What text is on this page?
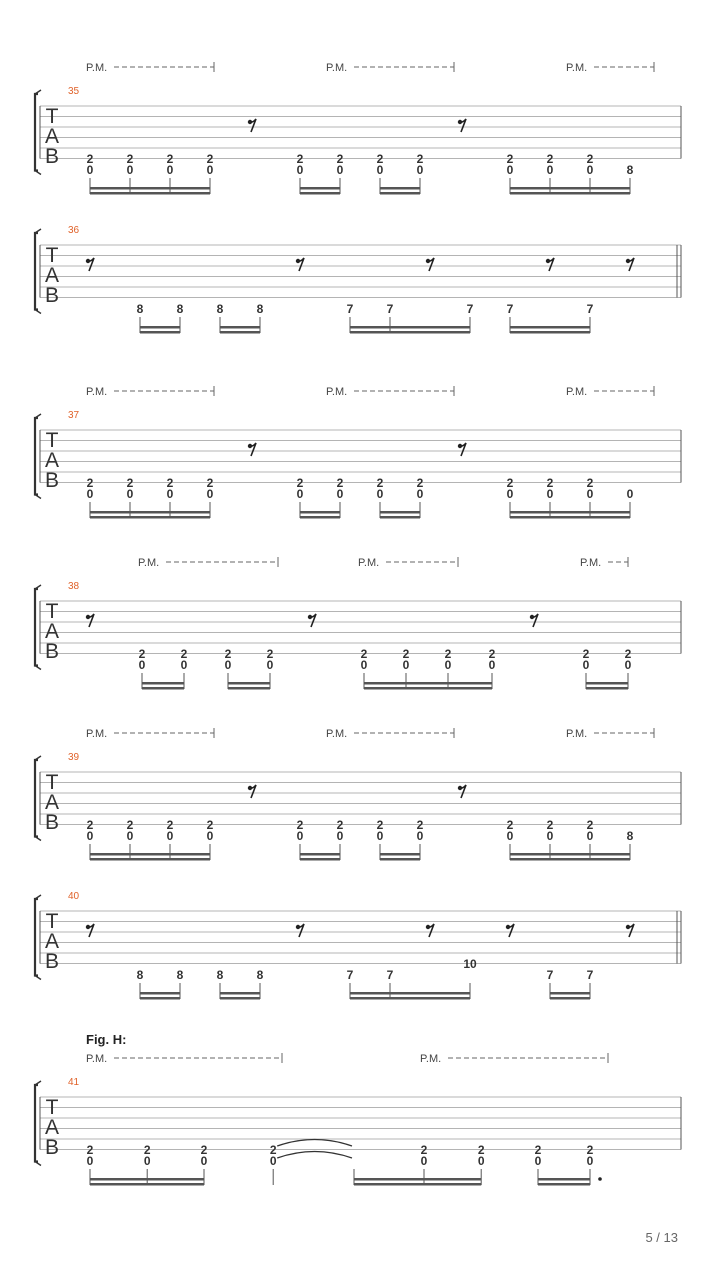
T
A
B
35
P.M.	P.M.	P.M.
2
0
2
0
2
0
2
0
2
0
2
0
2
0
2
0
2
0
2
0
2
0	8
T
A
B
36
8	8	8	8	7	7	7	7	7
T
A
B
37
P.M.	P.M.	P.M.
2
0
2
0
2
0
2
0
2
0
2
0
2
0
2
0
2
0
2
0
2
0	0
T
A
B
38
P.M.	P.M.	P.M.
2
0
2
0
2
0
2
0
2
0
2
0
2
0
2
0
2
0
2
0
T
A
B
39
P.M.	P.M.	P.M.
2
0
2
0
2
0
2
0
2
0
2
0
2
0
2
0
2
0
2
0
2
0	8
T
A
B
40
8	8	8	8	7	7
10
7	7
T
A
B
41
Fig. H:
P.M.	P.M.
2
0
2
0
2
0
2
0
2
0
2
0
2
0
2
0
5 / 13
